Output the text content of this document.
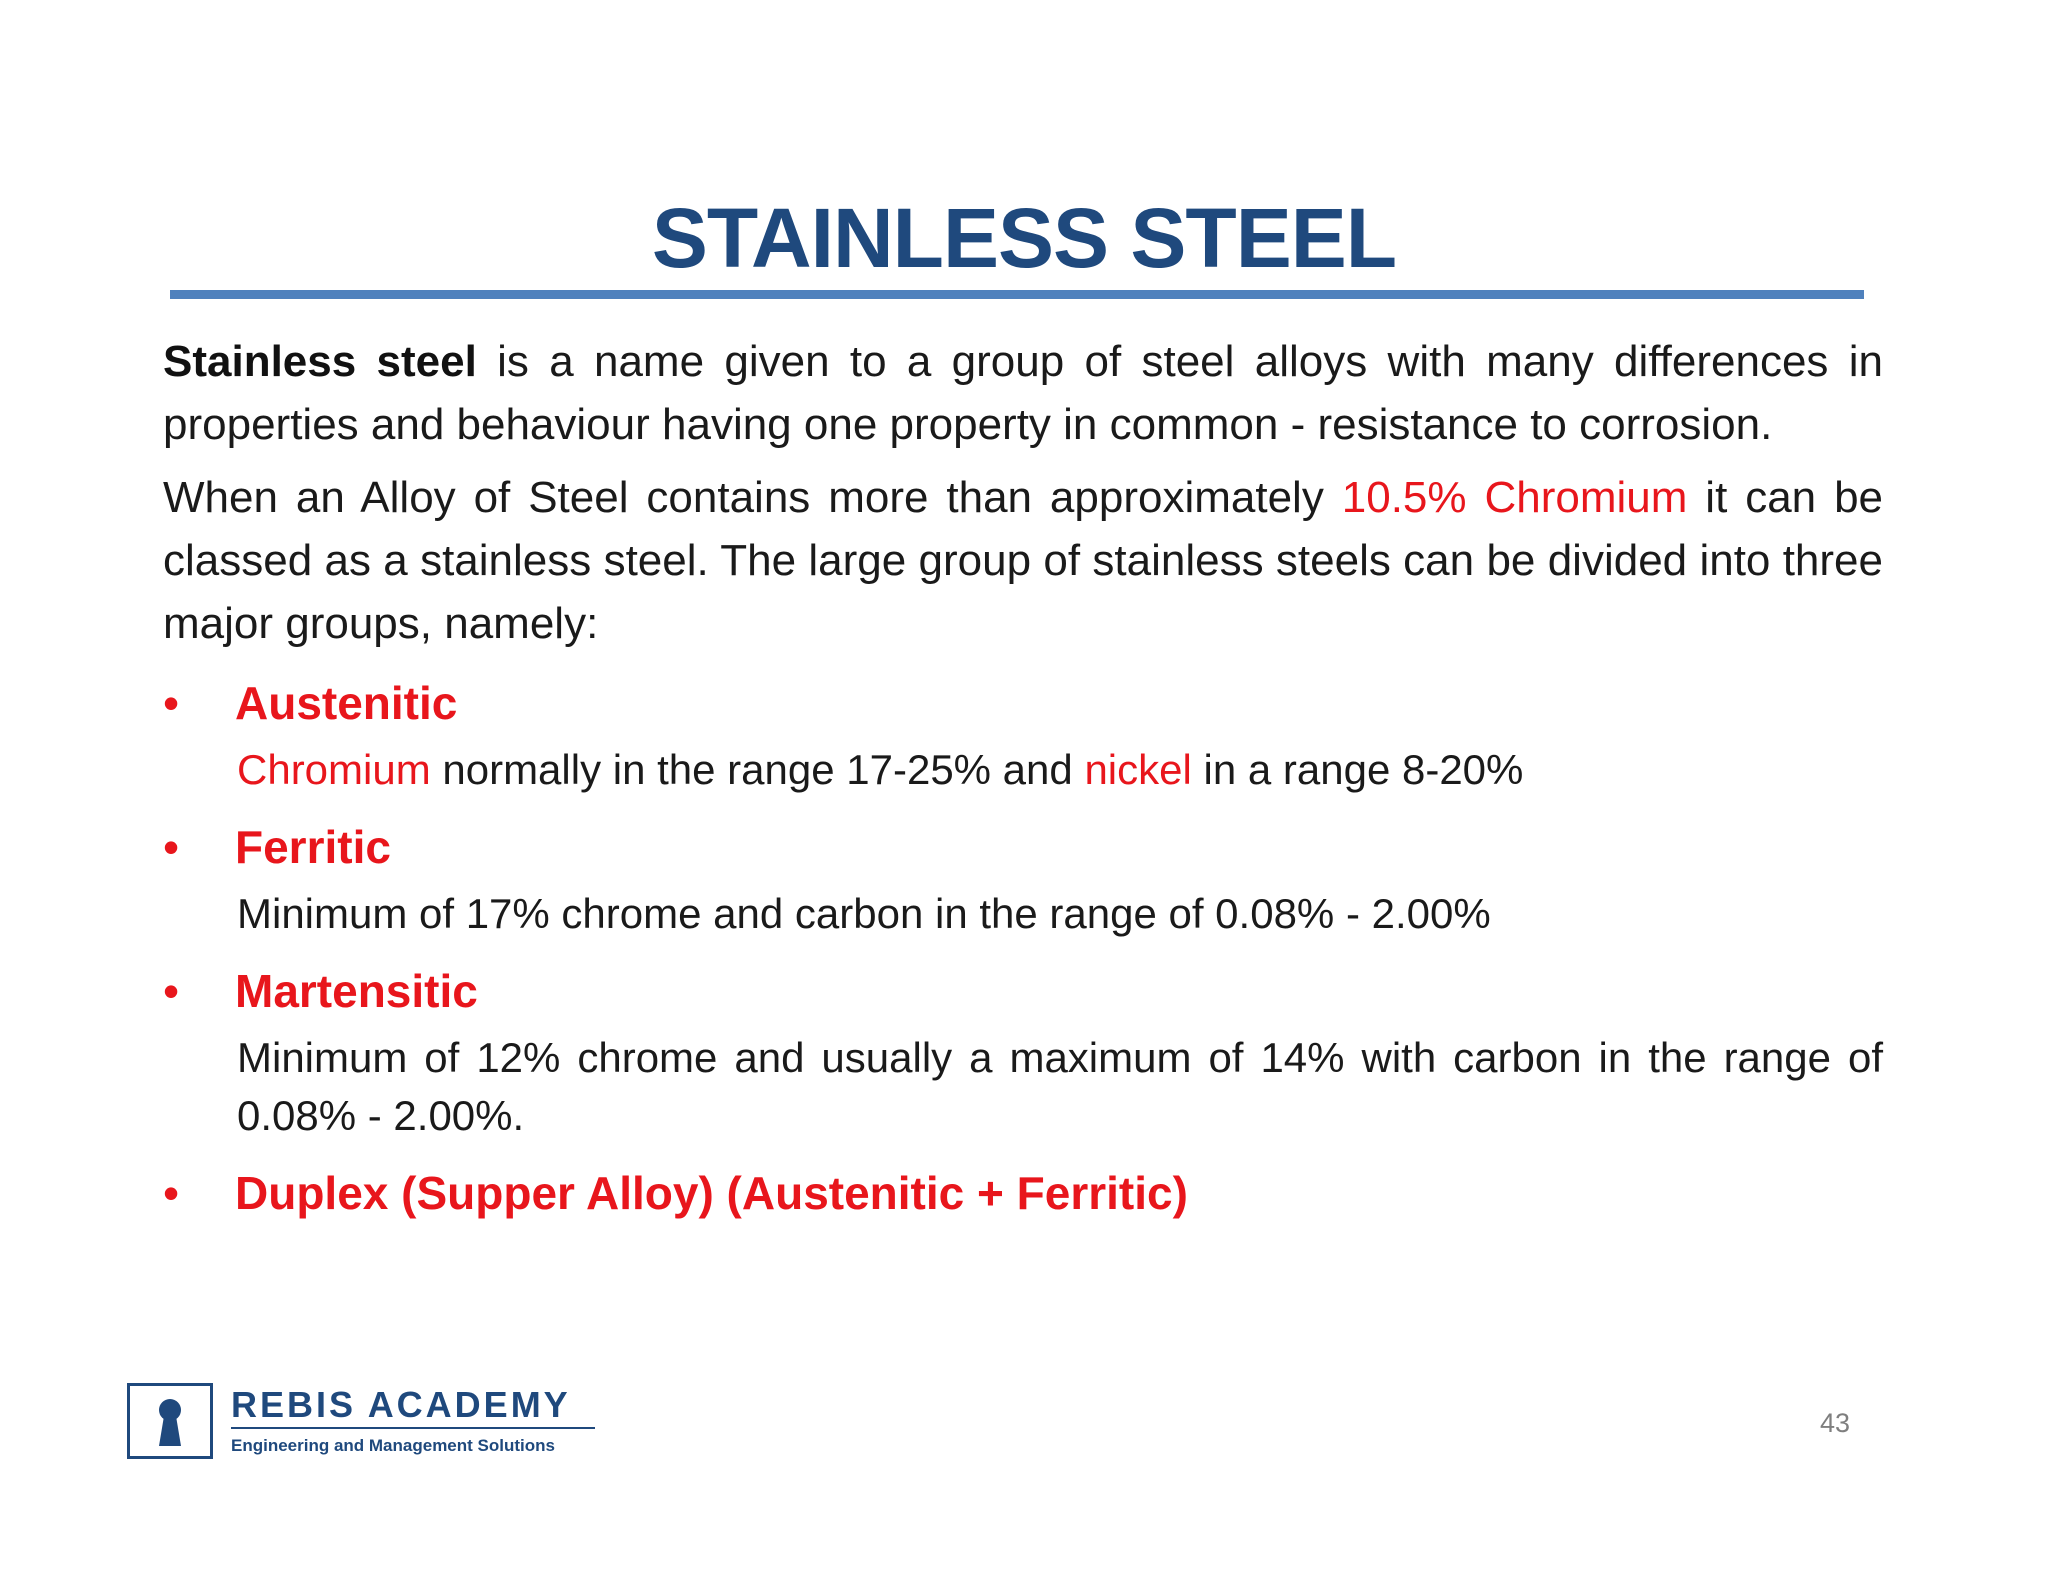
STAINLESS STEEL

Stainless steel is a name given to a group of steel alloys with many differences in properties and behaviour having one property in common - resistance to corrosion.

When an Alloy of Steel contains more than approximately 10.5% Chromium it can be classed as a stainless steel. The large group of stainless steels can be divided into three major groups, namely:

• Austenitic

Chromium normally in the range 17-25% and nickel in a range 8-20%

• Ferritic

Minimum of 17% chrome and carbon in the range of 0.08% - 2.00%

• Martensitic

Minimum of 12% chrome and usually a maximum of 14% with carbon in the range of 0.08% - 2.00%.

• Duplex (Supper Alloy) (Austenitic + Ferritic)

REBIS ACADEMY
Engineering and Management Solutions
43
